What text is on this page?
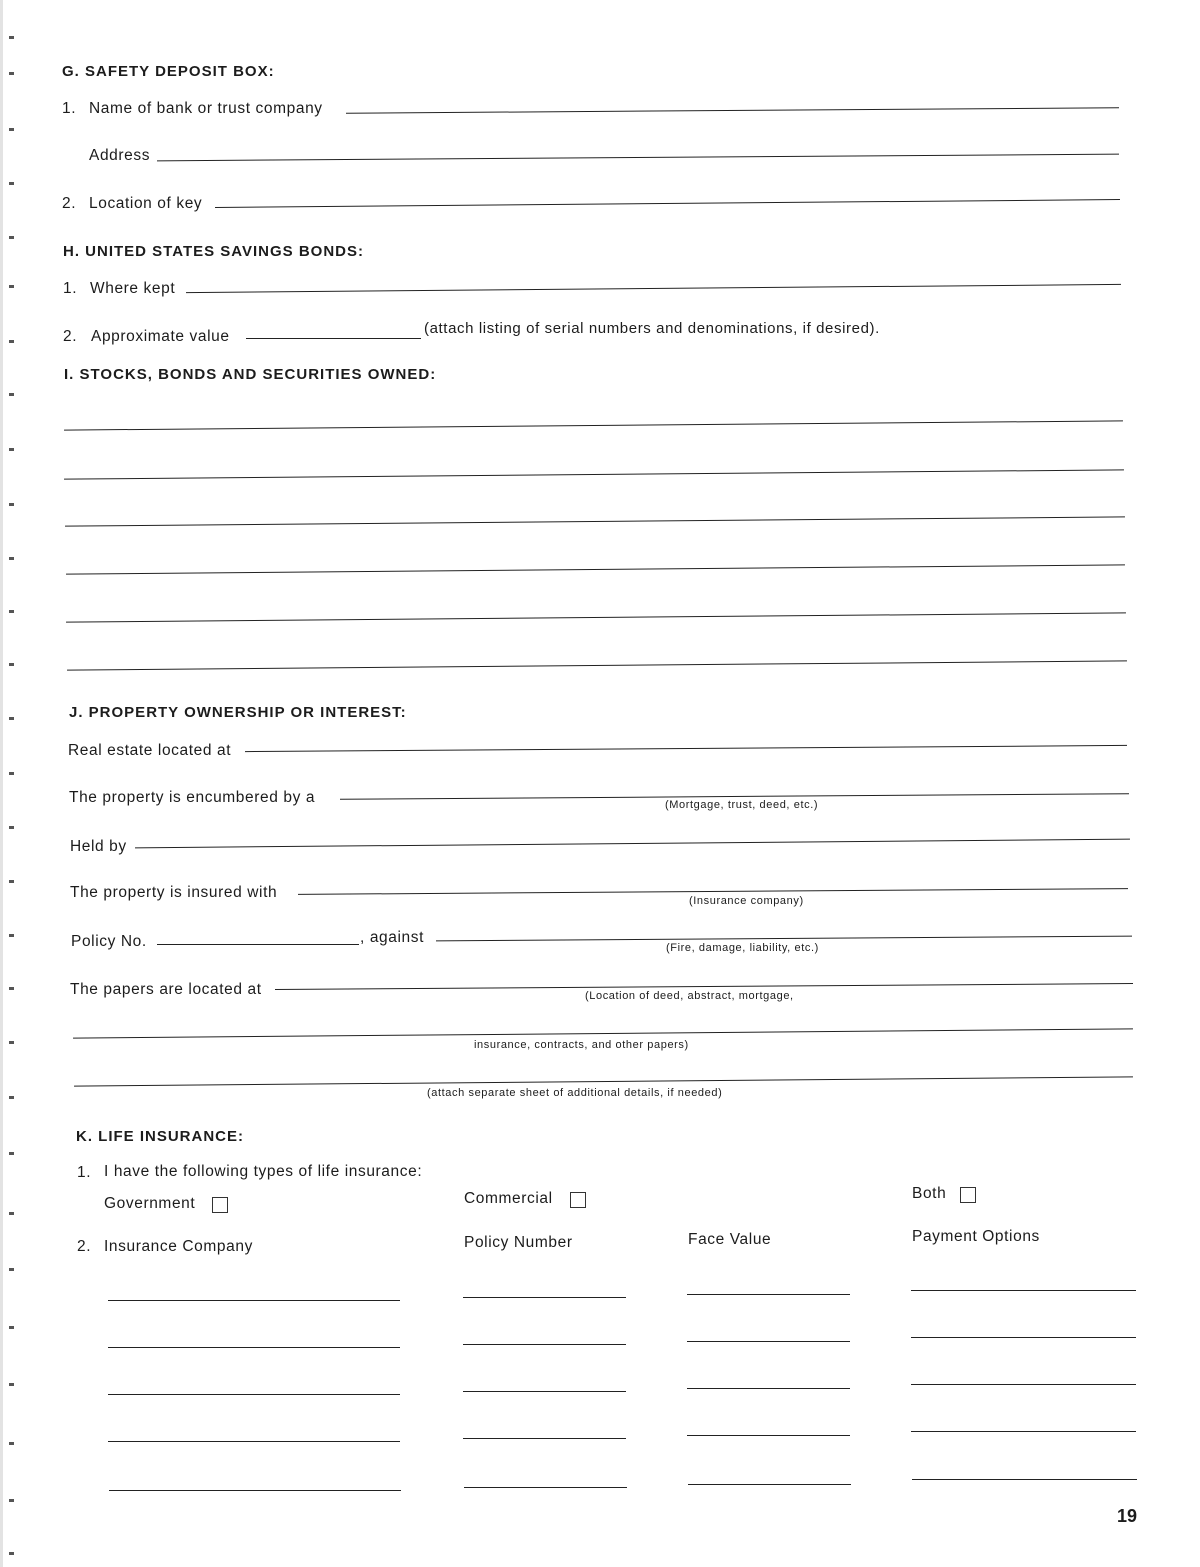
G. SAFETY DEPOSIT BOX:
1. Name of bank or trust company
Address
2. Location of key
H. UNITED STATES SAVINGS BONDS:
1. Where kept
2. Approximate value	(attach listing of serial numbers and denominations, if desired).
I. STOCKS, BONDS AND SECURITIES OWNED:
J. PROPERTY OWNERSHIP OR INTEREST:
Real estate located at
The property is encumbered by a	(Mortgage, trust, deed, etc.)
Held by
The property is insured with	(Insurance company)
Policy No.	, against
(Fire, damage, liability, etc.)
The papers are located at	(Location of deed, abstract, mortgage,
insurance, contracts, and other papers)
(attach separate sheet of additional details, if needed)
K. LIFE INSURANCE:
1. I have the following types of life insurance:
Government	Commercial	Both
2. Insurance Company	Policy Number	Face Value	Payment Options
19
